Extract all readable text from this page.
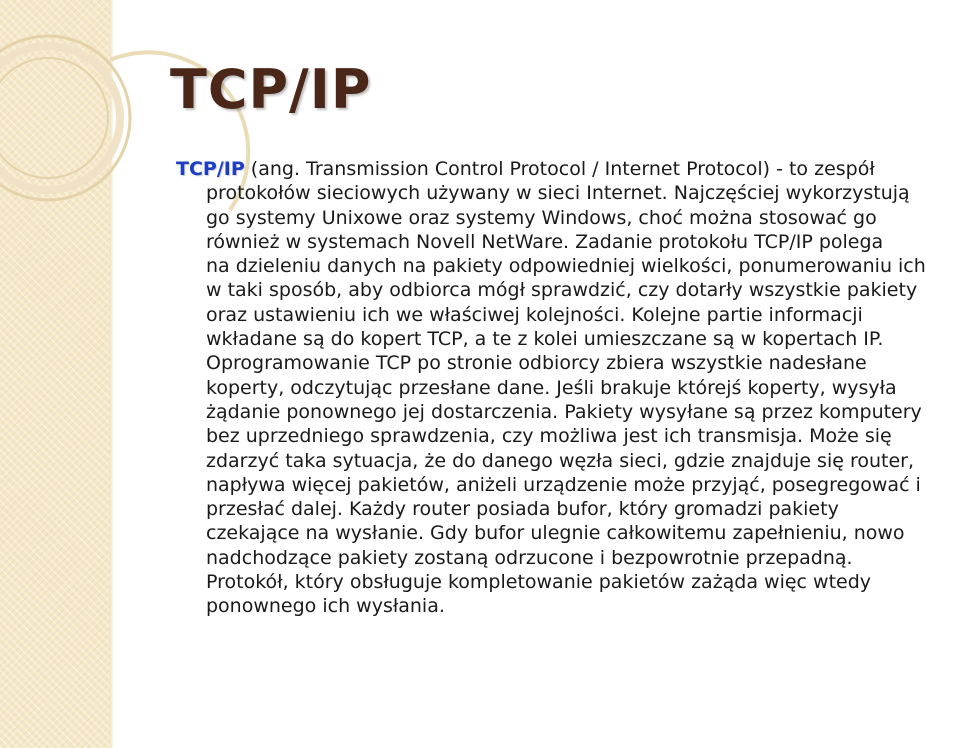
TCP/IP

TCP/IP (ang. Transmission Control Protocol / Internet Protocol) - to zespół
protokołów sieciowych używany w sieci Internet. Najczęściej wykorzystują
go systemy Unixowe oraz systemy Windows, choć można stosować go
również w systemach Novell NetWare. Zadanie protokołu TCP/IP polega
na dzieleniu danych na pakiety odpowiedniej wielkości, ponumerowaniu ich
w taki sposób, aby odbiorca mógł sprawdzić, czy dotarły wszystkie pakiety
oraz ustawieniu ich we właściwej kolejności. Kolejne partie informacji
wkładane są do kopert TCP, a te z kolei umieszczane są w kopertach IP.
Oprogramowanie TCP po stronie odbiorcy zbiera wszystkie nadesłane
koperty, odczytując przesłane dane. Jeśli brakuje którejś koperty, wysyła
żądanie ponownego jej dostarczenia. Pakiety wysyłane są przez komputery
bez uprzedniego sprawdzenia, czy możliwa jest ich transmisja. Może się
zdarzyć taka sytuacja, że do danego węzła sieci, gdzie znajduje się router,
napływa więcej pakietów, aniżeli urządzenie może przyjąć, posegregować i
przesłać dalej. Każdy router posiada bufor, który gromadzi pakiety
czekające na wysłanie. Gdy bufor ulegnie całkowitemu zapełnieniu, nowo
nadchodzące pakiety zostaną odrzucone i bezpowrotnie przepadną.
Protokół, który obsługuje kompletowanie pakietów zażąda więc wtedy
ponownego ich wysłania.
